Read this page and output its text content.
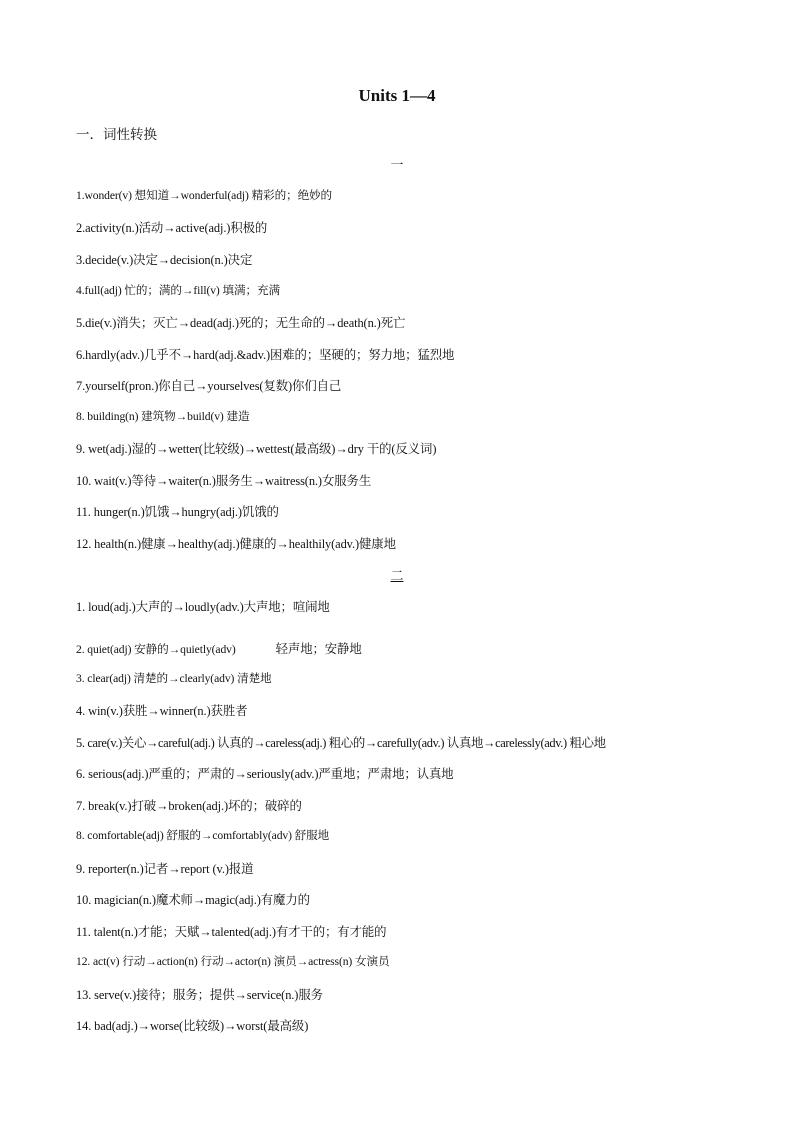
Units 1—4
一．词性转换
一
1.wonder(v) 想知道→wonderful(adj) 精彩的；绝妙的
2.activity(n.)活动→active(adj.)积极的
3.decide(v.)决定→decision(n.)决定
4.full(adj) 忙的；满的→fill(v) 填满；充满
5.die(v.)消失；灭亡→dead(adj.)死的；无生命的→death(n.)死亡
6.hardly(adv.)几乎不→hard(adj.&adv.)困难的；坚硬的；努力地；猛烈地
7.yourself(pron.)你自己→yourselves(复数)你们自己
8. building(n) 建筑物→build(v) 建造
9. wet(adj.)湿的→wetter(比较级)→wettest(最高级)→dry 干的(反义词)
10. wait(v.)等待→waiter(n.)服务生→waitress(n.)女服务生
11. hunger(n.)饥饿→hungry(adj.)饥饿的
12. health(n.)健康→healthy(adj.)健康的→healthily(adv.)健康地
二
1. loud(adj.)大声的→loudly(adv.)大声地；喧闹地
2. quiet(adj) 安静的→quietly(adv)	轻声地；安静地
3. clear(adj) 清楚的→clearly(adv) 清楚地
4. win(v.)获胜→winner(n.)获胜者
5. care(v.)关心→careful(adj.) 认真的→careless(adj.) 粗心的→carefully(adv.) 认真地→carelessly(adv.) 粗心地
6. serious(adj.)严重的；严肃的→seriously(adv.)严重地；严肃地；认真地
7. break(v.)打破→broken(adj.)坏的；破碎的
8. comfortable(adj) 舒服的→comfortably(adv) 舒服地
9. reporter(n.)记者→report (v.)报道
10. magician(n.)魔术师→magic(adj.)有魔力的
11. talent(n.)才能；天赋→talented(adj.)有才干的；有才能的
12. act(v) 行动→action(n) 行动→actor(n) 演员→actress(n) 女演员
13. serve(v.)接待；服务；提供→service(n.)服务
14. bad(adj.)→worse(比较级)→worst(最高级)
